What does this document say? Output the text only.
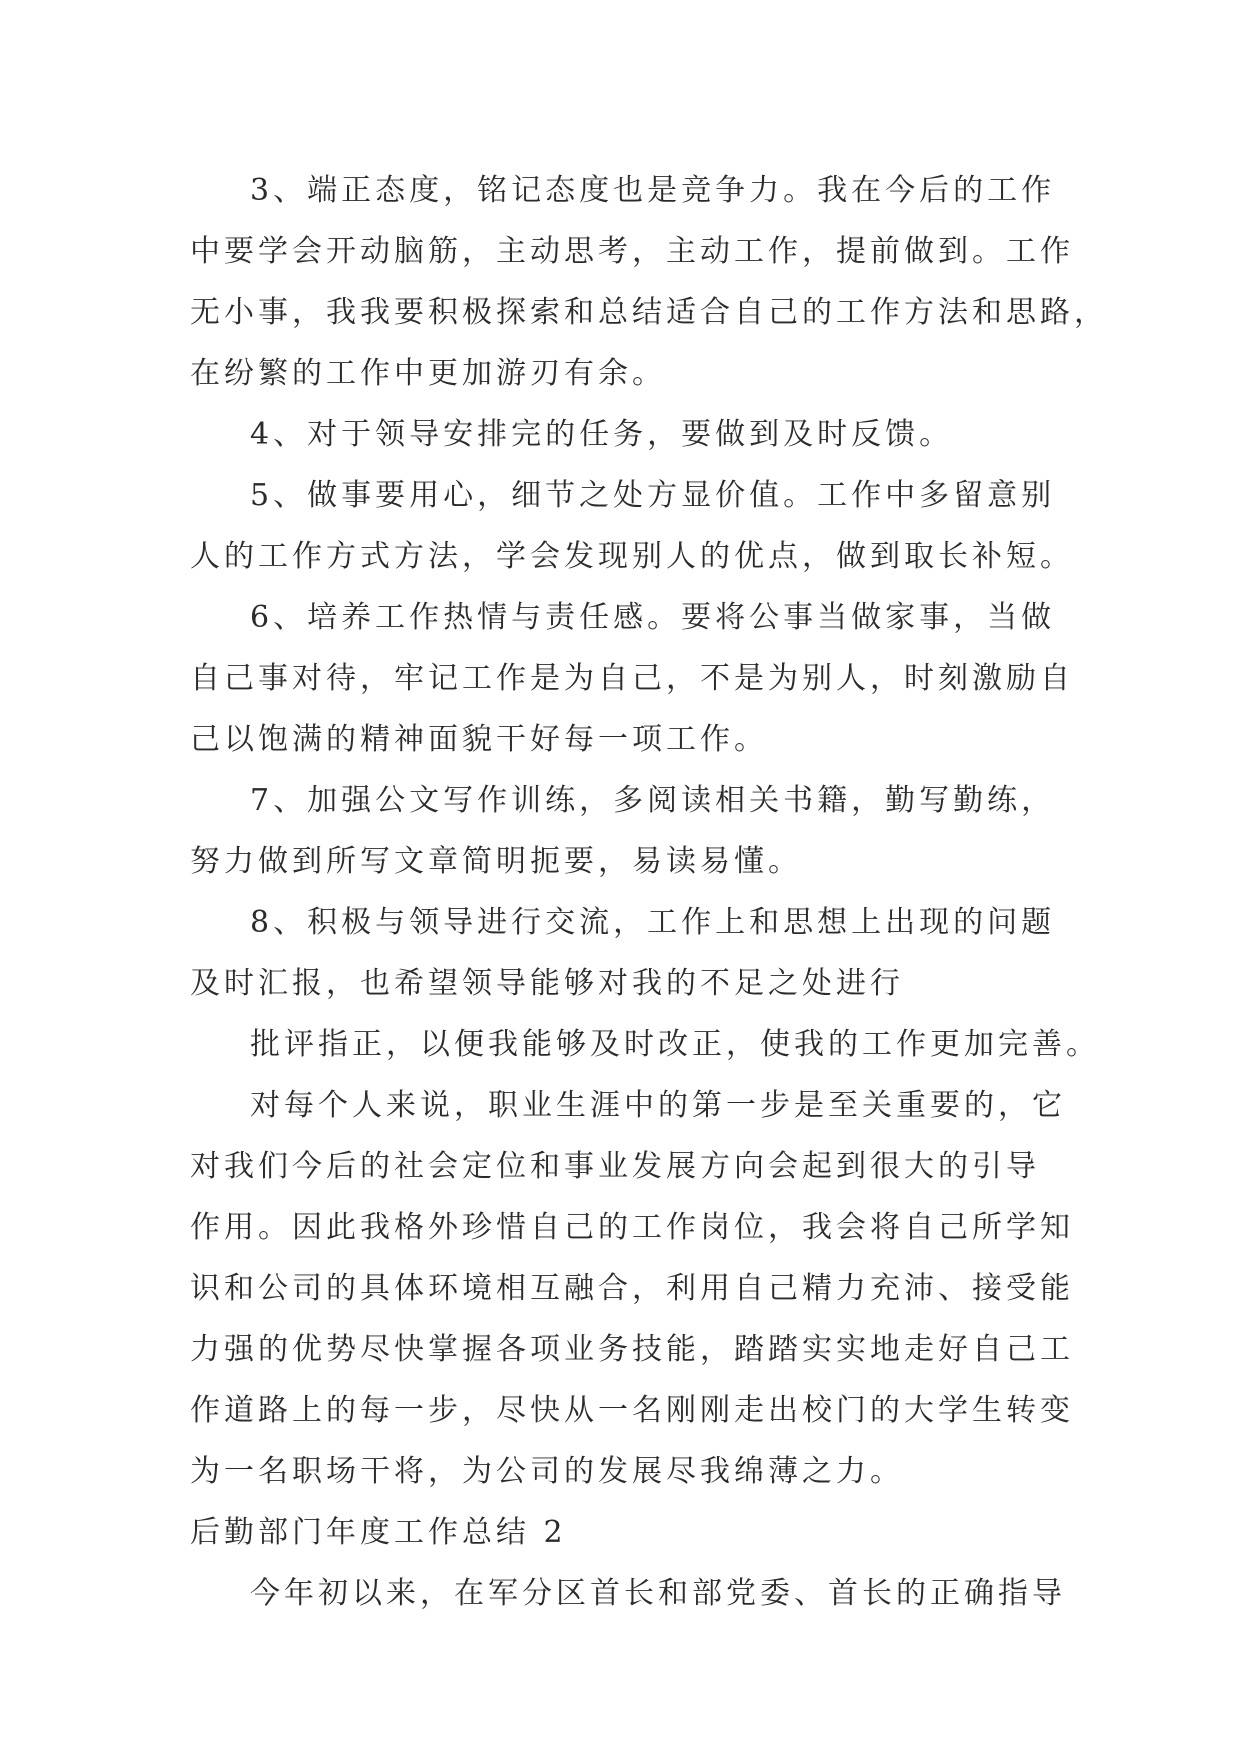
3、端正态度，铭记态度也是竞争力。我在今后的工作
中要学会开动脑筋，主动思考，主动工作，提前做到。工作
无小事，我我要积极探索和总结适合自己的工作方法和思路，
在纷繁的工作中更加游刃有余。
4、对于领导安排完的任务，要做到及时反馈。
5、做事要用心，细节之处方显价值。工作中多留意别
人的工作方式方法，学会发现别人的优点，做到取长补短。
6、培养工作热情与责任感。要将公事当做家事，当做
自己事对待，牢记工作是为自己，不是为别人，时刻激励自
己以饱满的精神面貌干好每一项工作。
7、加强公文写作训练，多阅读相关书籍，勤写勤练，
努力做到所写文章简明扼要，易读易懂。
8、积极与领导进行交流，工作上和思想上出现的问题
及时汇报，也希望领导能够对我的不足之处进行
批评指正，以便我能够及时改正，使我的工作更加完善。
对每个人来说，职业生涯中的第一步是至关重要的，它
对我们今后的社会定位和事业发展方向会起到很大的引导
作用。因此我格外珍惜自己的工作岗位，我会将自己所学知
识和公司的具体环境相互融合，利用自己精力充沛、接受能
力强的优势尽快掌握各项业务技能，踏踏实实地走好自己工
作道路上的每一步，尽快从一名刚刚走出校门的大学生转变
为一名职场干将，为公司的发展尽我绵薄之力。
后勤部门年度工作总结 2
今年初以来，在军分区首长和部党委、首长的正确指导
